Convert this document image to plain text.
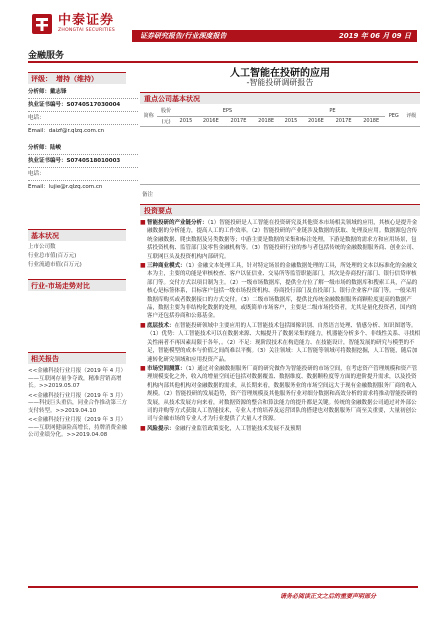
中泰证券
ZHONGTAI SECURITIES
证券研究报告/行业深度报告	2019 年 06 月 09 日
金融服务
人工智能在投研的应用
-智能投研调研报告
评级： 增持（维持）
分析师：戴志锋
执业证书编号：S0740517030004
电话：
Email：daizf@r.qlzq.com.cn
分析师：陆峻
执业证书编号：S0740518010003
电话：
Email：lujie@r.qlzq.com.cn
基本状况
上市公司数
行业总市值(百万元)
行业流通市值(百万元)
行业-市场走势对比
相关报告
<<金融科技行业月报（2019 年 4 月）——互联网存量争夺战，精准营销高增长。>>2019.05.07
<<金融科技行业月报（2019 年 3 月）——科技巨头重估，同业合作推动第三方支付转型。>>2019.04.10
<<金融科技行业月报（2019 年 3 月）——互联网健康险高增长，持牌消费金融公司业绩分化。>>2019.04.08
重点公司基本状况
简称	股价	EPS				PE				PEG	评级
	(元)	2015	2016E	2017E	2018E	2015	2016E	2017E	2018E		

备注
投资要点
■ 智能投研的产业链分析：（1）智能投研是人工智能在投资研究及其他资本市场相关领域的应用，其核心是提升金融数据的分析能力，提高人工的工作效率。（2）智能投研的产业链涉及数据的获取、处理及应用。数据源包含传统金融数据、爬虫数据及另类数据等；中游主要是数据的采集和标注处理，下游是数据的需求方和应用场景，包括投资机构、监管部门及零售金融机构等。（3）智能投研行业的参与者包括传统的金融数据服务商、创业公司、互联网巨头及投资机构内部研究。
■ 三种商业模式：（1）金融文本处理工具，针对特定场景的金融数据处理的工具，所处理的文本以标准化的金融文本为主，主要的功能是审核校查、客户以征信业、交易所等监管职能部门，其次是券商投行部门、银行信贷审核部门等。交付方式以项目制为主。（2）一级市场数据库，提供全方位了解一级市场的数据库和搜索工具，产品的核心是标签体系，目标客户包括一级市场投资机构、券商投行部门及直投部门、银行企业客户部门等。一般采用数据库购买或者数据接口的方式交付。（3）二级市场数据库，提供比传统金融数据服务商颗粒度更高的数据产品，数据主要为非结构化数据的处理，或既简单市场客户，主要是二级市场投资者，尤其是量化投资者，国内的客户还包括券商和公募基金。
■ 底层技术：在智能投研领域中主要应用的人工智能技术包括图像识别、自然语言处理、情感分析、知识图谱等。（1）优势：人工智能技术可以在数据来源、大幅提升了数据采集的能力，机器能分析多个、非线性关系、寻找相关性兩者不再因素局限于各年，。（2）不足：现阶段技术在构造能力、在技能设计，智能发展的研究与模型的不足，智能模型的成本与价值之间尚难以平衡。（3）关注领域：人工智能等领域可将数据挖掘，人工智能，随后加速转化研究领域和应用投资产品。
■ 市场空间测算：（1）通过对金融数据服务厂商的研究做作为智能投研的市场空间，在考虑资产管理规模和资产管理规模变化之外，收入的增量空间还包括对数据覆盖、数据维度、数据颗粒度等方面的进阶提升需求，以及投资机构内部其他机构对金融数据的需求，从长期来看，数据服务业的市场空间远大于现有金融数据服务厂商的收入规模。（2）智能投研的发展趋势，资产管理规模及其他服务行业对细分数据和高效分析的需求将推动智能投研的发展，从技术发展方向来看，对数据资源的整合和算法能力的提升都是关键。传统的金融数据公司通过对外部公司的并购等方式获取人工智能技术，专业人才的培养及运营团队的搭建也对数据服务厂商至关重要，大量初创公司与金融市场的专业人才为行业提供了大量人才资源。
■ 风险提示：金融行业监管政策变化，人工智能技术发展不及预期
请务必阅读正文之后的重要声明部分
